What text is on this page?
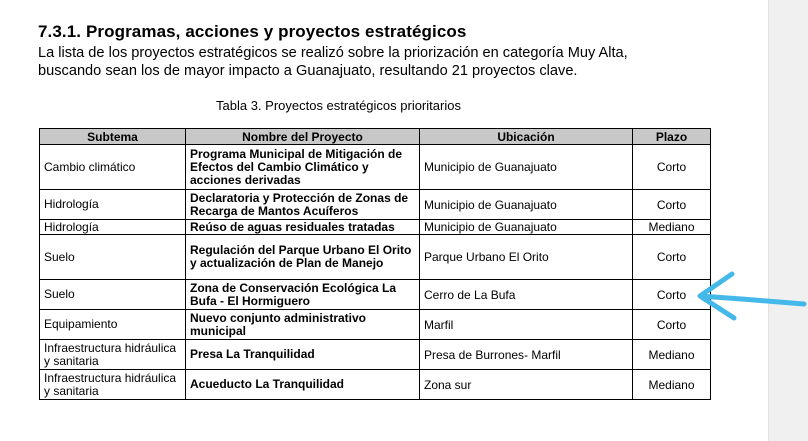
7.3.1. Programas, acciones y proyectos estratégicos
La lista de los proyectos estratégicos se realizó sobre la priorización en categoría Muy Alta,
buscando sean los de mayor impacto a Guanajuato, resultando 21 proyectos clave.
Tabla 3. Proyectos estratégicos prioritarios
Subtema	Nombre del Proyecto	Ubicación	Plazo
Cambio climático	Programa Municipal de Mitigación de Efectos del Cambio Climático y acciones derivadas	Municipio de Guanajuato	Corto
Hidrología	Declaratoria y Protección de Zonas de Recarga de Mantos Acuíferos	Municipio de Guanajuato	Corto
Hidrología	Reúso de aguas residuales tratadas	Municipio de Guanajuato	Mediano
Suelo	Regulación del Parque Urbano El Orito y actualización de Plan de Manejo	Parque Urbano El Orito	Corto
Suelo	Zona de Conservación Ecológica La Bufa - El Hormiguero	Cerro de La Bufa	Corto
Equipamiento	Nuevo conjunto administrativo municipal	Marfil	Corto
Infraestructura hidráulica y sanitaria	Presa La Tranquilidad	Presa de Burrones- Marfil	Mediano
Infraestructura hidráulica y sanitaria	Acueducto La Tranquilidad	Zona sur	Mediano
